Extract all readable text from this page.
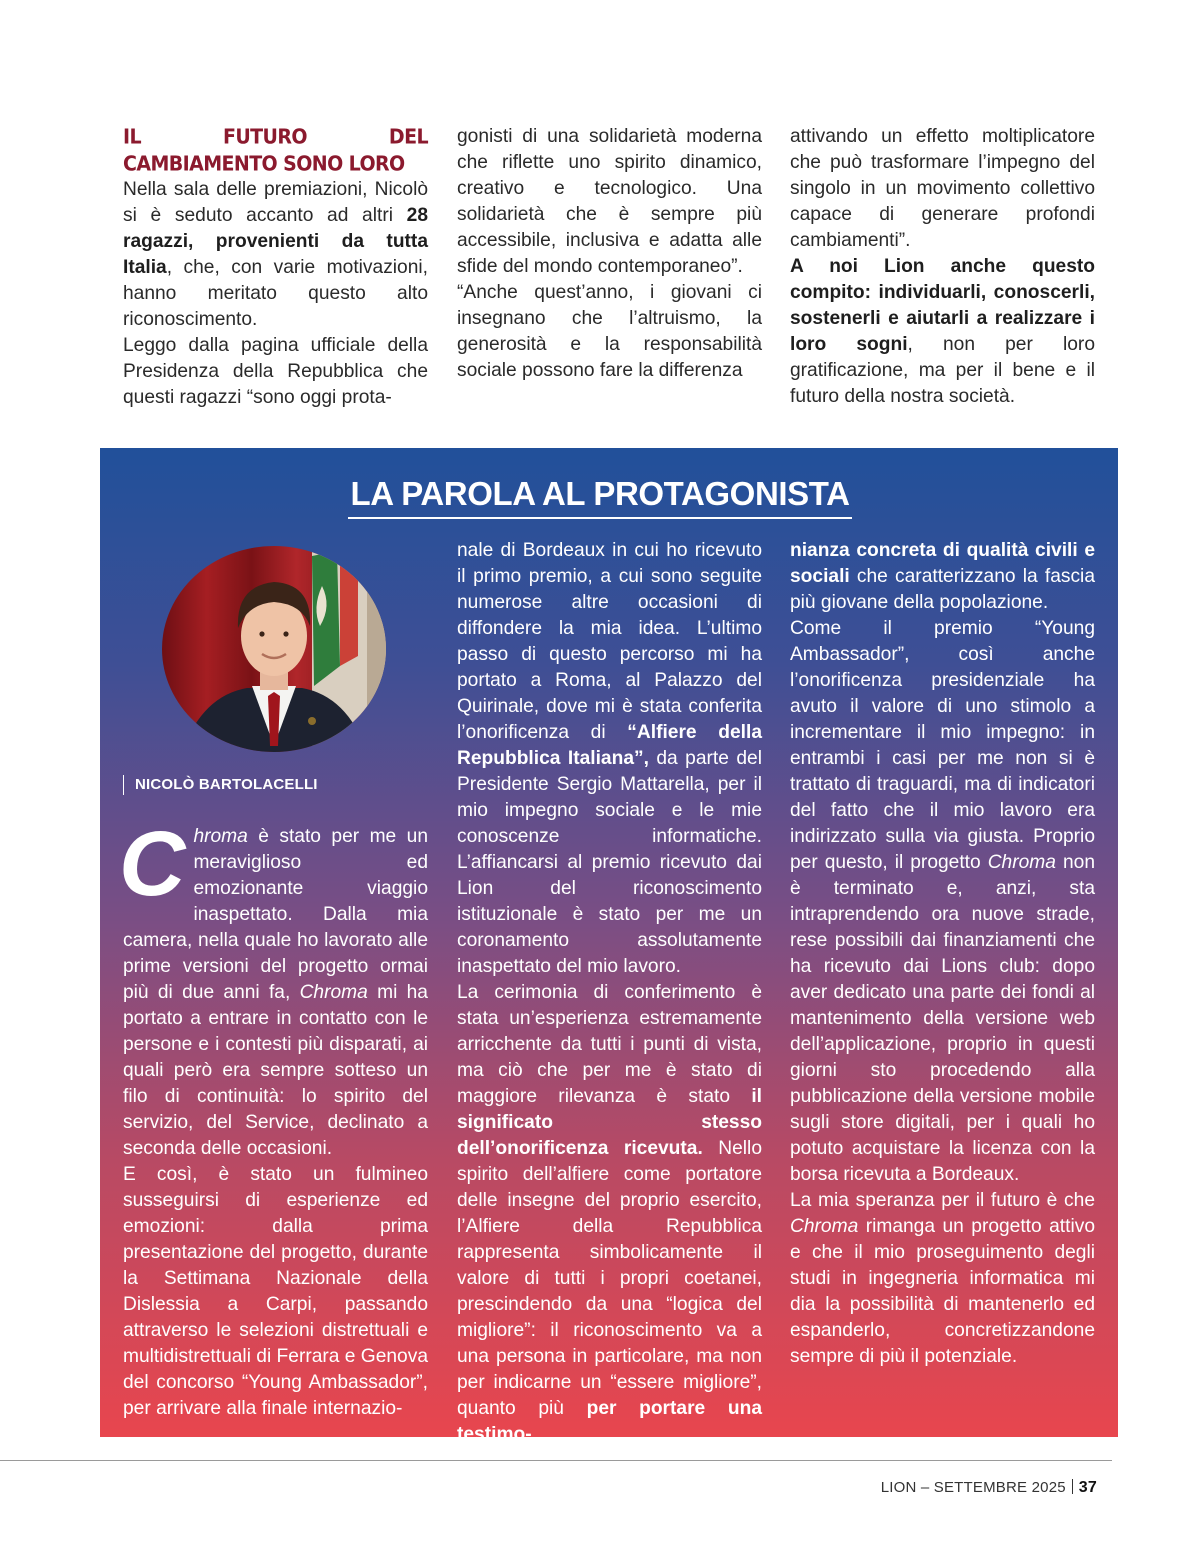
IL FUTURO DEL CAMBIAMENTO SONO LORO

Nella sala delle premiazioni, Nicolò si è seduto accanto ad altri 28 ragazzi, provenienti da tutta Italia, che, con varie motivazioni, hanno meritato questo alto riconoscimento.

Leggo dalla pagina ufficiale della Presidenza della Repubblica che questi ragazzi “sono oggi prota-

gonisti di una solidarietà moderna che riflette uno spirito dinamico, creativo e tecnologico. Una solidarietà che è sempre più accessibile, inclusiva e adatta alle sfide del mondo contemporaneo”.

“Anche quest’anno, i giovani ci insegnano che l’altruismo, la generosità e la responsabilità sociale possono fare la differenza

attivando un effetto moltiplicatore che può trasformare l’impegno del singolo in un movimento collettivo capace di generare profondi cambiamenti”.

A noi Lion anche questo compito: individuarli, conoscerli, sostenerli e aiutarli a realizzare i loro sogni, non per loro gratificazione, ma per il bene e il futuro della nostra società.

LA PAROLA AL PROTAGONISTA
NICOLÒ BARTOLACELLI

Chroma è stato per me un meraviglioso ed emozionante viaggio inaspettato. Dalla mia camera, nella quale ho lavorato alle prime versioni del progetto ormai più di due anni fa, Chroma mi ha portato a entrare in contatto con le persone e i contesti più disparati, ai quali però era sempre sotteso un filo di continuità: lo spirito del servizio, del Service, declinato a seconda delle occasioni.

E così, è stato un fulmineo susseguirsi di esperienze ed emozioni: dalla prima presentazione del progetto, durante la Settimana Nazionale della Dislessia a Carpi, passando attraverso le selezioni distrettuali e multidistrettuali di Ferrara e Genova del concorso “Young Ambassador”, per arrivare alla finale internazio-

nale di Bordeaux in cui ho ricevuto il primo premio, a cui sono seguite numerose altre occasioni di diffondere la mia idea. L’ultimo passo di questo percorso mi ha portato a Roma, al Palazzo del Quirinale, dove mi è stata conferita l’onorificenza di “Alfiere della Repubblica Italiana”, da parte del Presidente Sergio Mattarella, per il mio impegno sociale e le mie conoscenze informatiche. L’affiancarsi al premio ricevuto dai Lion del riconoscimento istituzionale è stato per me un coronamento assolutamente inaspettato del mio lavoro.

La cerimonia di conferimento è stata un’esperienza estremamente arricchente da tutti i punti di vista, ma ciò che per me è stato di maggiore rilevanza è stato il significato stesso dell’onorificenza ricevuta. Nello spirito dell’alfiere come portatore delle insegne del proprio esercito, l’Alfiere della Repubblica rappresenta simbolicamente il valore di tutti i propri coetanei, prescindendo da una “logica del migliore”: il riconoscimento va a una persona in particolare, ma non per indicarne un “essere migliore”, quanto più per portare una testimo-

nianza concreta di qualità civili e sociali che caratterizzano la fascia più giovane della popolazione.

Come il premio “Young Ambassador”, così anche l’onorificenza presidenziale ha avuto il valore di uno stimolo a incrementare il mio impegno: in entrambi i casi per me non si è trattato di traguardi, ma di indicatori del fatto che il mio lavoro era indirizzato sulla via giusta. Proprio per questo, il progetto Chroma non è terminato e, anzi, sta intraprendendo ora nuove strade, rese possibili dai finanziamenti che ha ricevuto dai Lions club: dopo aver dedicato una parte dei fondi al mantenimento della versione web dell’applicazione, proprio in questi giorni sto procedendo alla pubblicazione della versione mobile sugli store digitali, per i quali ho potuto acquistare la licenza con la borsa ricevuta a Bordeaux.

La mia speranza per il futuro è che Chroma rimanga un progetto attivo e che il mio proseguimento degli studi in ingegneria informatica mi dia la possibilità di mantenerlo ed espanderlo, concretizzandone sempre di più il potenziale.

LION – SETTEMBRE 2025 37
